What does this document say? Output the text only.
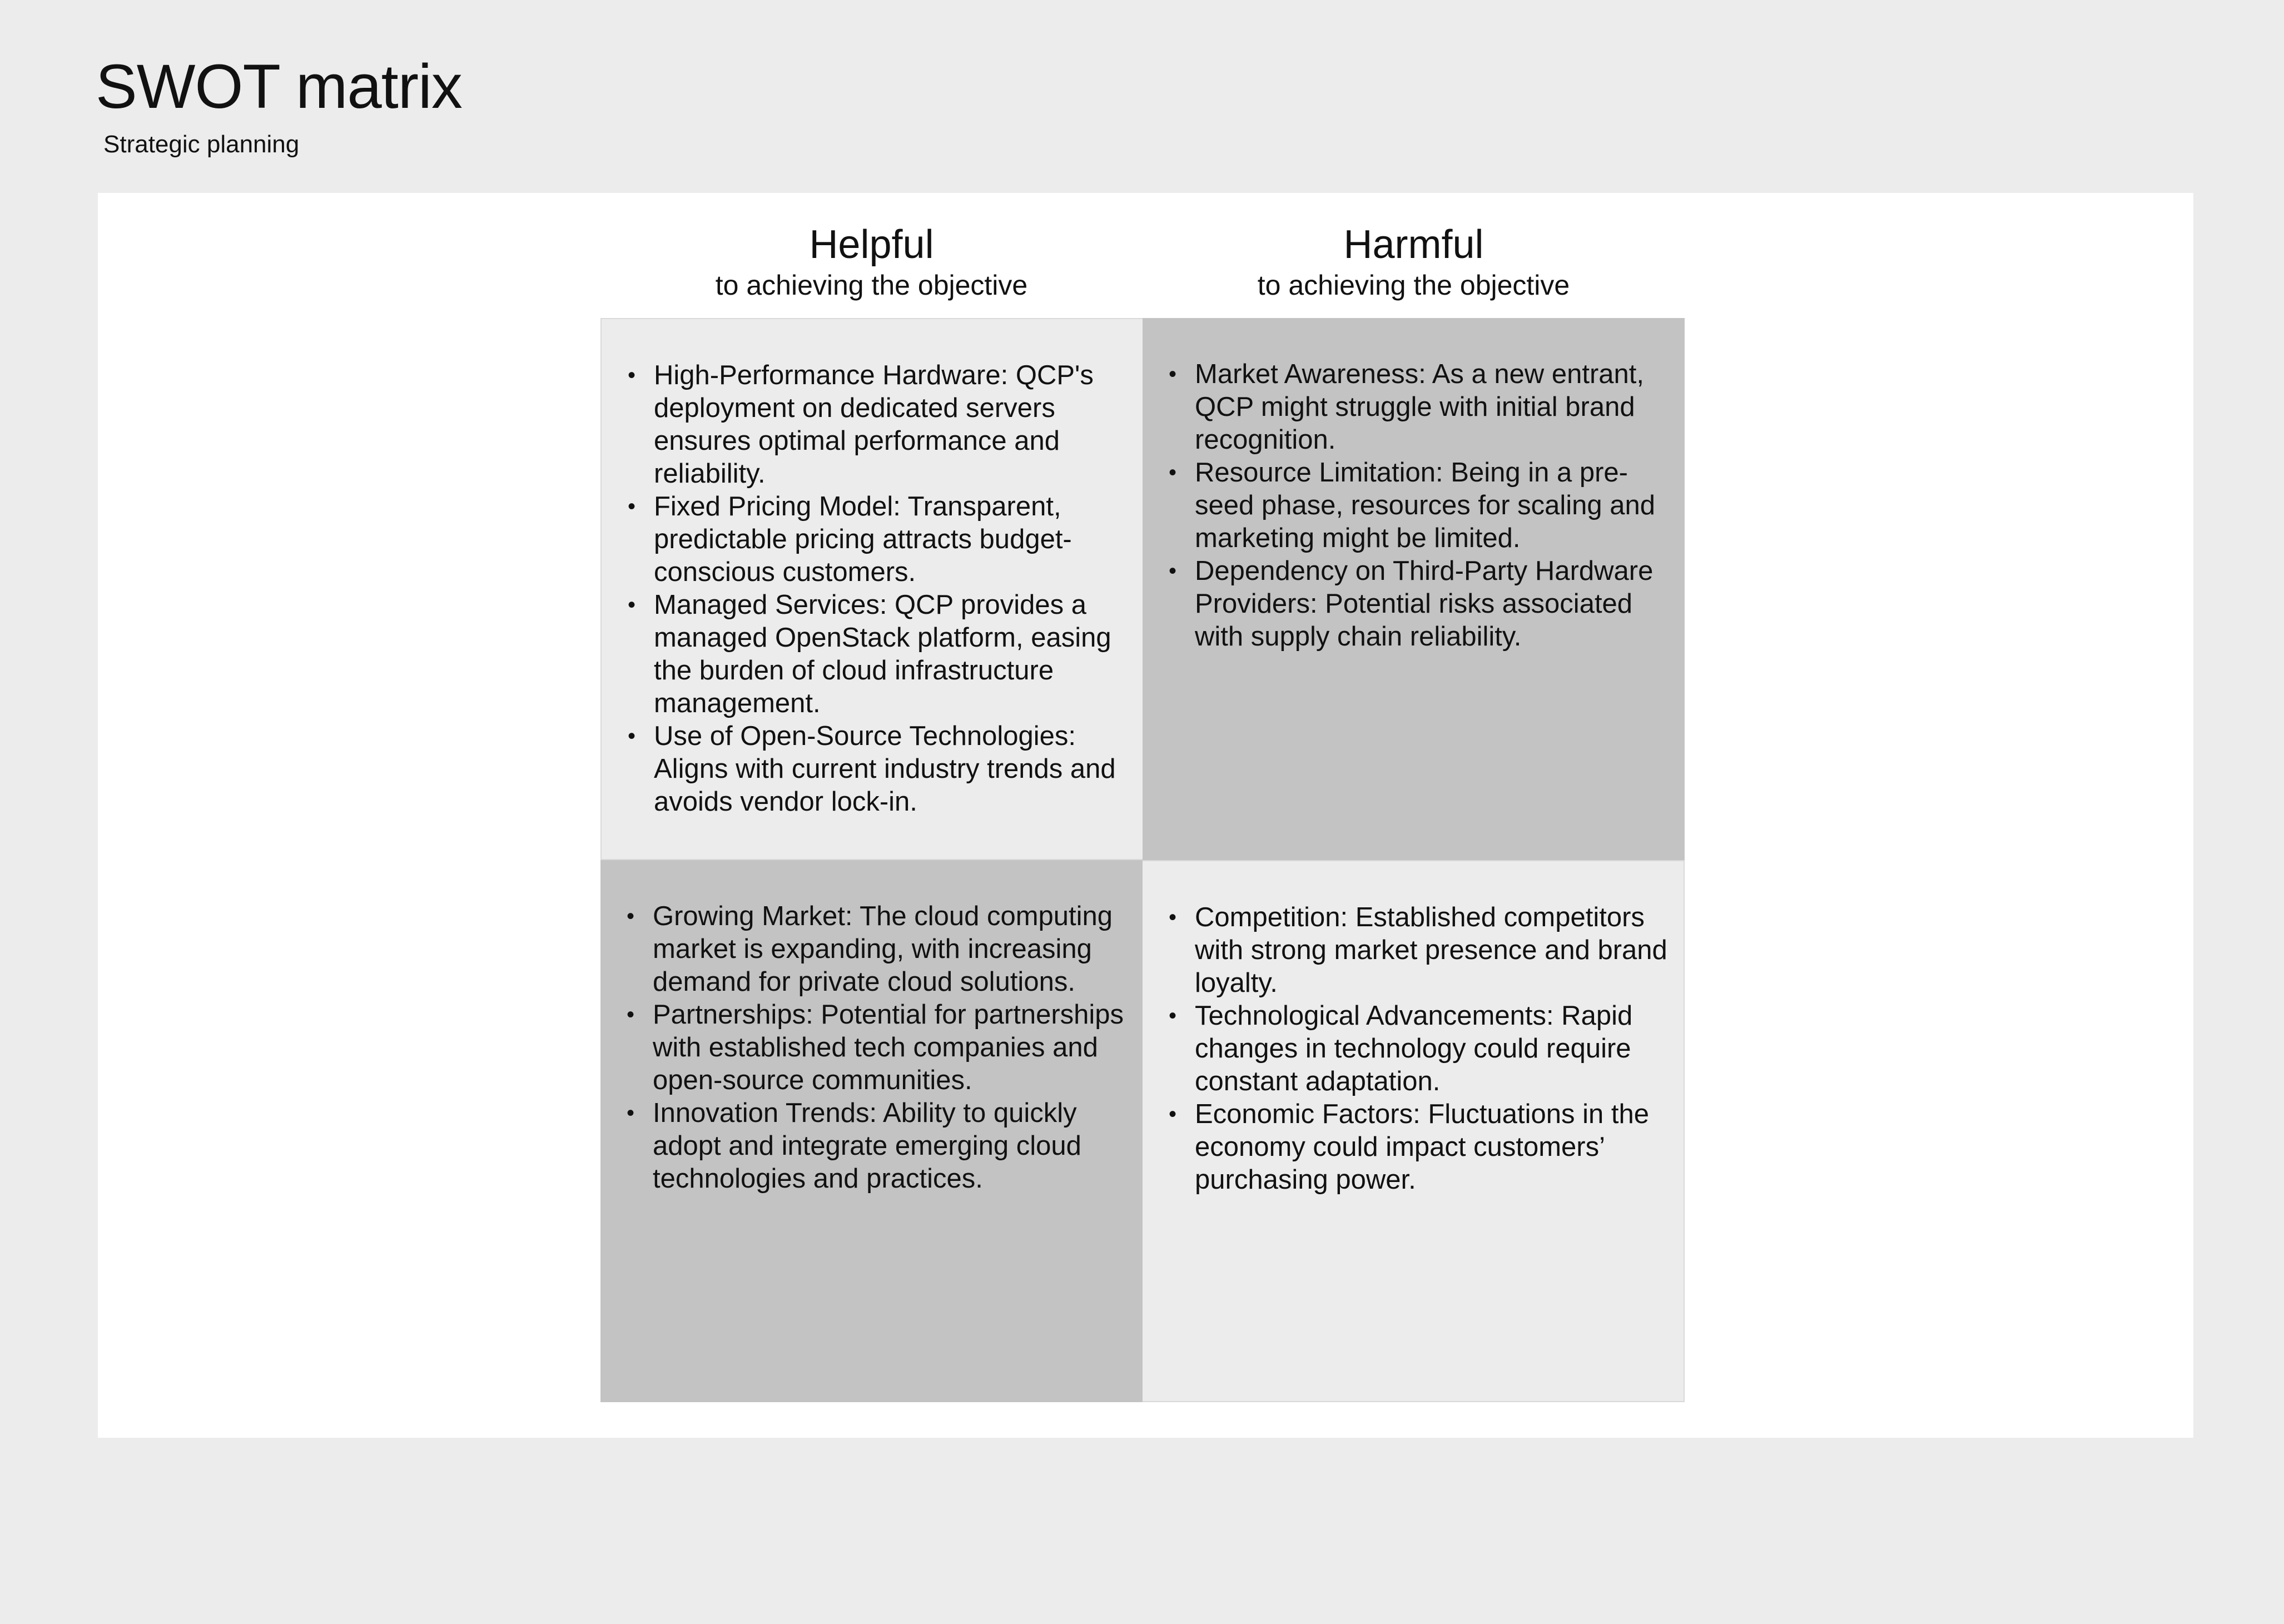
SWOT matrix
Strategic planning
Helpful
to achieving the objective
Harmful
to achieving the objective
• High-Performance Hardware: QCP's deployment on dedicated servers ensures optimal performance and reliability.
• Fixed Pricing Model: Transparent, predictable pricing attracts budget-conscious customers.
• Managed Services: QCP provides a managed OpenStack platform, easing the burden of cloud infrastructure management.
• Use of Open-Source Technologies: Aligns with current industry trends and avoids vendor lock-in.
• Market Awareness: As a new entrant, QCP might struggle with initial brand recognition.
• Resource Limitation: Being in a pre-seed phase, resources for scaling and marketing might be limited.
• Dependency on Third-Party Hardware Providers: Potential risks associated with supply chain reliability.
• Growing Market: The cloud computing market is expanding, with increasing demand for private cloud solutions.
• Partnerships: Potential for partnerships with established tech companies and open-source communities.
• Innovation Trends: Ability to quickly adopt and integrate emerging cloud technologies and practices.
• Competition: Established competitors with strong market presence and brand loyalty.
• Technological Advancements: Rapid changes in technology could require constant adaptation.
• Economic Factors: Fluctuations in the economy could impact customers’ purchasing power.
